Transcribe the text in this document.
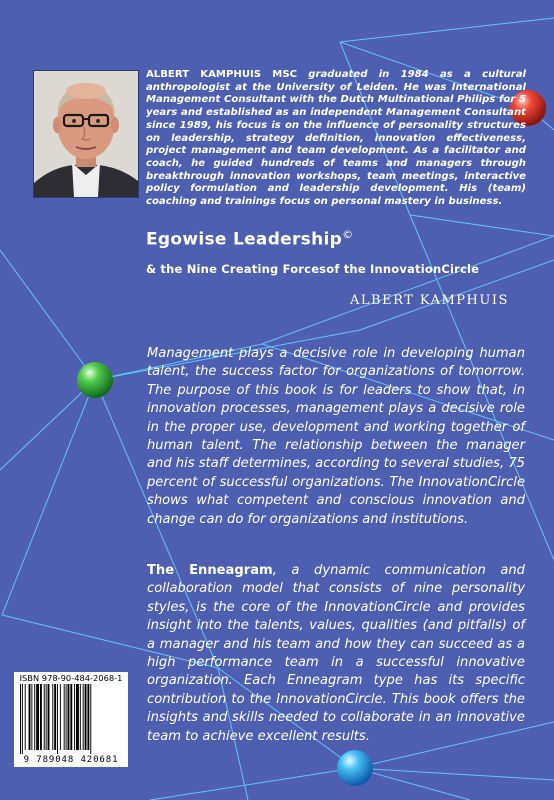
ALBERT KAMPHUIS MSC graduated in 1984 as a cultural anthropologist at the University of Leiden. He was International Management Consultant with the Dutch Multinational Philips for 5 years and established as an independent Management Consultant since 1989, his focus is on the influence of personality structures on leadership, strategy definition, innovation effectiveness, project management and team development. As a facilitator and coach, he guided hundreds of teams and managers through breakthrough innovation workshops, team meetings, interactive policy formulation and leadership development. His (team) coaching and trainings focus on personal mastery in business.

Egowise Leadership©
& the Nine Creating Forcesof the InnovationCircle
ALBERT KAMPHUIS

Management plays a decisive role in developing human talent, the success factor for organizations of tomorrow. The purpose of this book is for leaders to show that, in innovation processes, management plays a decisive role in the proper use, development and working together of human talent. The relationship between the manager and his staff determines, according to several studies, 75 percent of successful organizations. The InnovationCircle shows what competent and conscious innovation and change can do for organizations and institutions.

The Enneagram, a dynamic communication and collaboration model that consists of nine personality styles, is the core of the InnovationCircle and provides insight into the talents, values, qualities (and pitfalls) of a manager and his team and how they can succeed as a high performance team in a successful innovative organization. Each Enneagram type has its specific contribution to the InnovationCircle. This book offers the insights and skills needed to collaborate in an innovative team to achieve excellent results.

ISBN 978-90-484-2068-1
9 789048 420681
